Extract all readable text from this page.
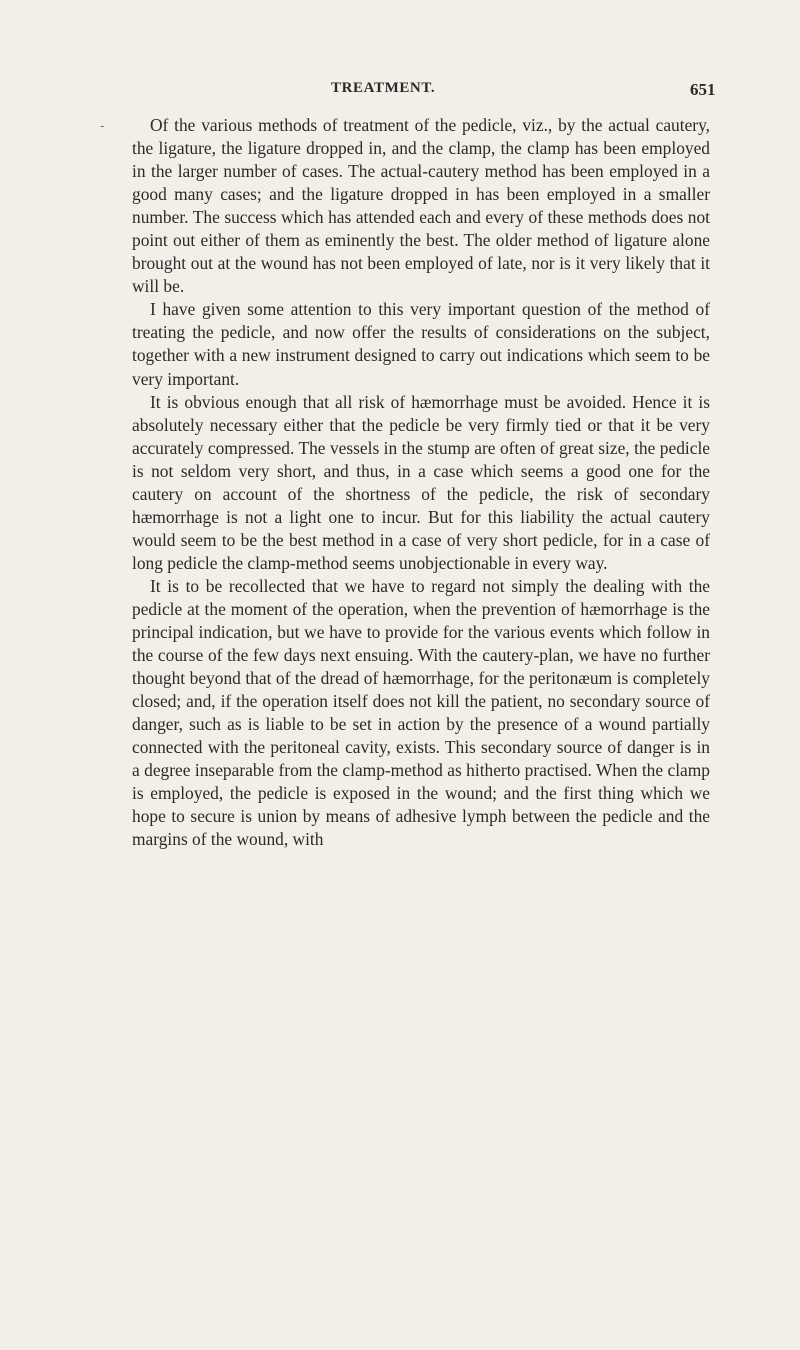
TREATMENT.	651
-	Of the various methods of treatment of the pedicle, viz., by the actual cautery, the ligature, the ligature dropped in, and the clamp, the clamp has been employed in the larger number of cases. The actual-cautery method has been employed in a good many cases; and the ligature dropped in has been employed in a smaller number. The success which has attended each and every of these methods does not point out either of them as eminently the best. The older method of ligature alone brought out at the wound has not been employed of late, nor is it very likely that it will be.

I have given some attention to this very important question of the method of treating the pedicle, and now offer the results of considerations on the subject, together with a new instrument designed to carry out indications which seem to be very important.

It is obvious enough that all risk of hæmorrhage must be avoided. Hence it is absolutely necessary either that the pedicle be very firmly tied or that it be very accurately compressed. The vessels in the stump are often of great size, the pedicle is not seldom very short, and thus, in a case which seems a good one for the cautery on account of the shortness of the pedicle, the risk of secondary hæmorrhage is not a light one to incur. But for this liability the actual cautery would seem to be the best method in a case of very short pedicle, for in a case of long pedicle the clamp-method seems unobjectionable in every way.

It is to be recollected that we have to regard not simply the dealing with the pedicle at the moment of the operation, when the prevention of hæmorrhage is the principal indication, but we have to provide for the various events which follow in the course of the few days next ensuing. With the cautery-plan, we have no further thought beyond that of the dread of hæmorrhage, for the peritonæum is completely closed; and, if the operation itself does not kill the patient, no secondary source of danger, such as is liable to be set in action by the presence of a wound partially connected with the peritoneal cavity, exists. This secondary source of danger is in a degree inseparable from the clamp-method as hitherto practised. When the clamp is employed, the pedicle is exposed in the wound; and the first thing which we hope to secure is union by means of adhesive lymph between the pedicle and the margins of the wound, with
